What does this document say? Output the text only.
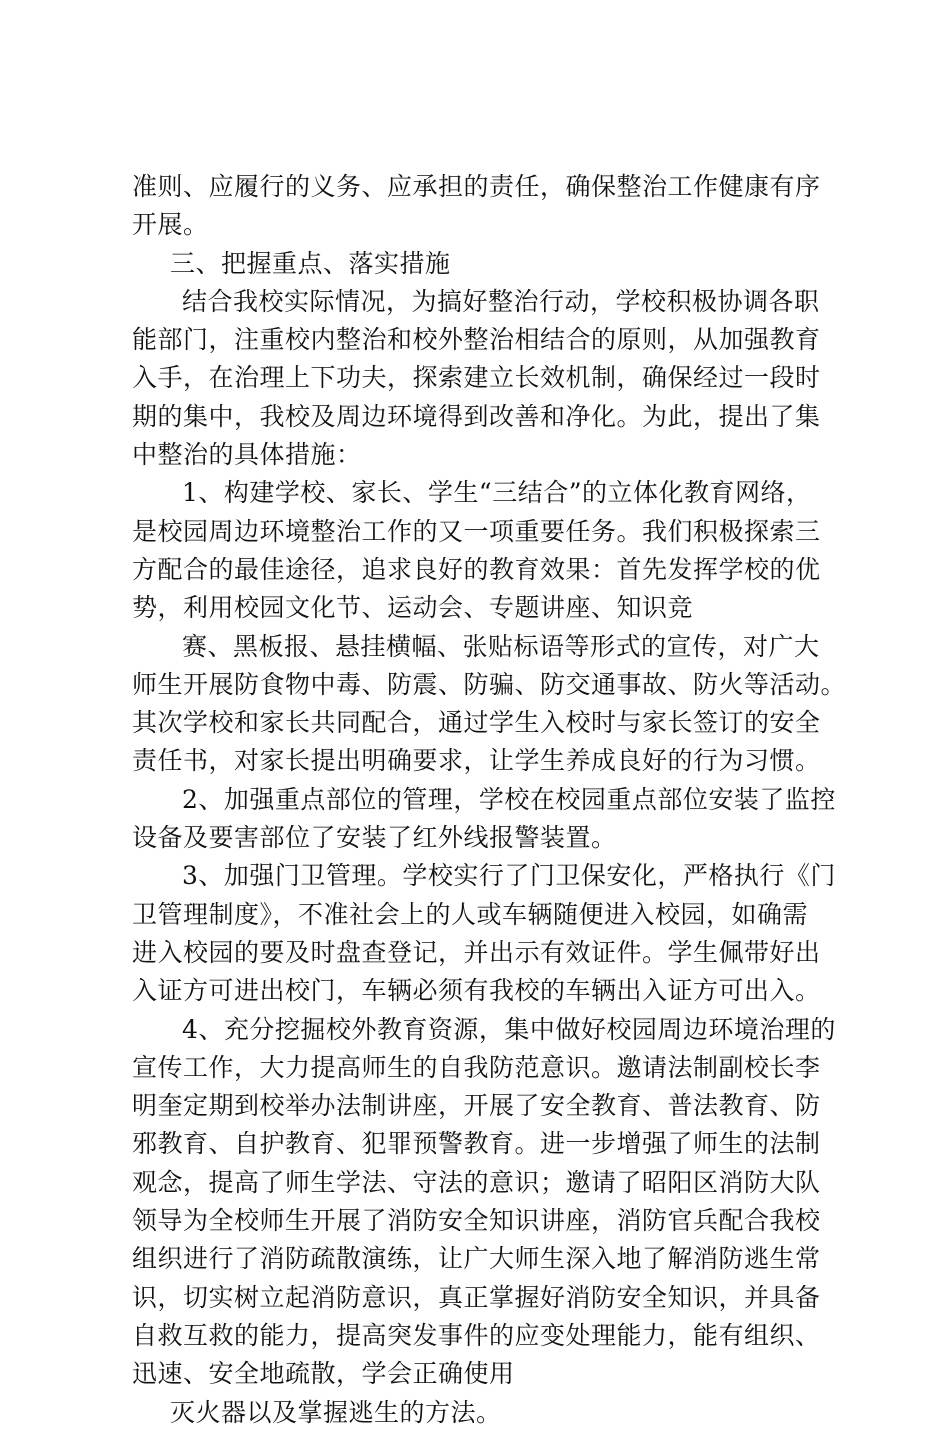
准则、应履行的义务、应承担的责任，确保整治工作健康有序
开展。
三、把握重点、落实措施
结合我校实际情况，为搞好整治行动，学校积极协调各职
能部门，注重校内整治和校外整治相结合的原则，从加强教育
入手，在治理上下功夫，探索建立长效机制，确保经过一段时
期的集中，我校及周边环境得到改善和净化。为此，提出了集
中整治的具体措施：
1、构建学校、家长、学生“三结合”的立体化教育网络，
是校园周边环境整治工作的又一项重要任务。我们积极探索三
方配合的最佳途径，追求良好的教育效果：首先发挥学校的优
势，利用校园文化节、运动会、专题讲座、知识竞
赛、黑板报、悬挂横幅、张贴标语等形式的宣传，对广大
师生开展防食物中毒、防震、防骗、防交通事故、防火等活动。
其次学校和家长共同配合，通过学生入校时与家长签订的安全
责任书，对家长提出明确要求，让学生养成良好的行为习惯。
2、加强重点部位的管理，学校在校园重点部位安装了监控
设备及要害部位了安装了红外线报警装置。
3、加强门卫管理。学校实行了门卫保安化，严格执行《门
卫管理制度》，不准社会上的人或车辆随便进入校园，如确需
进入校园的要及时盘查登记，并出示有效证件。学生佩带好出
入证方可进出校门，车辆必须有我校的车辆出入证方可出入。
4、充分挖掘校外教育资源，集中做好校园周边环境治理的
宣传工作，大力提高师生的自我防范意识。邀请法制副校长李
明奎定期到校举办法制讲座，开展了安全教育、普法教育、防
邪教育、自护教育、犯罪预警教育。进一步增强了师生的法制
观念，提高了师生学法、守法的意识；邀请了昭阳区消防大队
领导为全校师生开展了消防安全知识讲座，消防官兵配合我校
组织进行了消防疏散演练，让广大师生深入地了解消防逃生常
识，切实树立起消防意识，真正掌握好消防安全知识，并具备
自救互救的能力，提高突发事件的应变处理能力，能有组织、
迅速、安全地疏散，学会正确使用
灭火器以及掌握逃生的方法。
